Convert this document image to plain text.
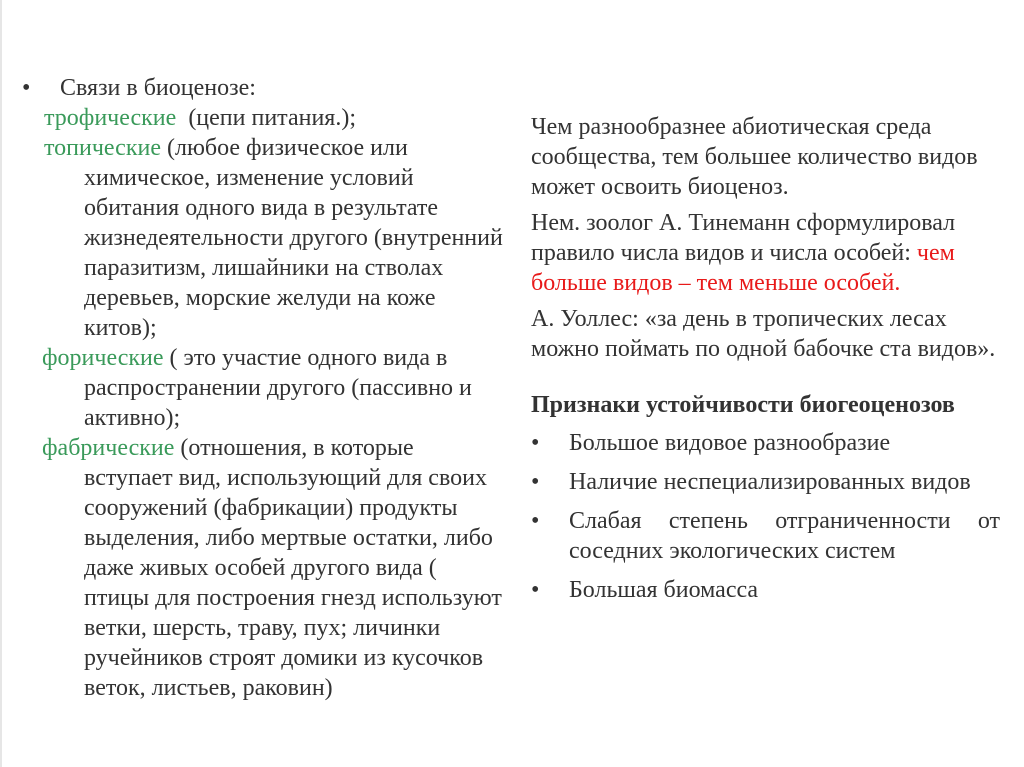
• Связи в биоценозе:
трофические  (цепи питания.);
топические (любое физическое или
химическое, изменение условий
обитания одного вида в результате
жизнедеятельности другого (внутренний
паразитизм, лишайники на стволах
деревьев, морские желуди на коже
китов);
форические ( это участие одного вида в
распространении другого (пассивно и
активно);
фабрические (отношения, в которые
вступает вид, использующий для своих
сооружений (фабрикации) продукты
выделения, либо мертвые остатки, либо
даже живых особей другого вида (
птицы для построения гнезд используют
ветки, шерсть, траву, пух; личинки
ручейников строят домики из кусочков
веток, листьев, раковин)

Чем разнообразнее абиотическая среда сообщества, тем большее количество видов может освоить биоценоз.

Нем. зоолог А. Тинеманн сформулировал правило числа видов и числа особей: чем больше видов – тем меньше особей.

А. Уоллес: «за день в тропических лесах можно поймать по одной бабочке ста видов».

Признаки устойчивости биогеоценозов
•	Большое видовое разнообразие
•	Наличие неспециализированных видов
•	Слабая степень отграниченности от
соседних экологических систем
•	Большая биомасса
